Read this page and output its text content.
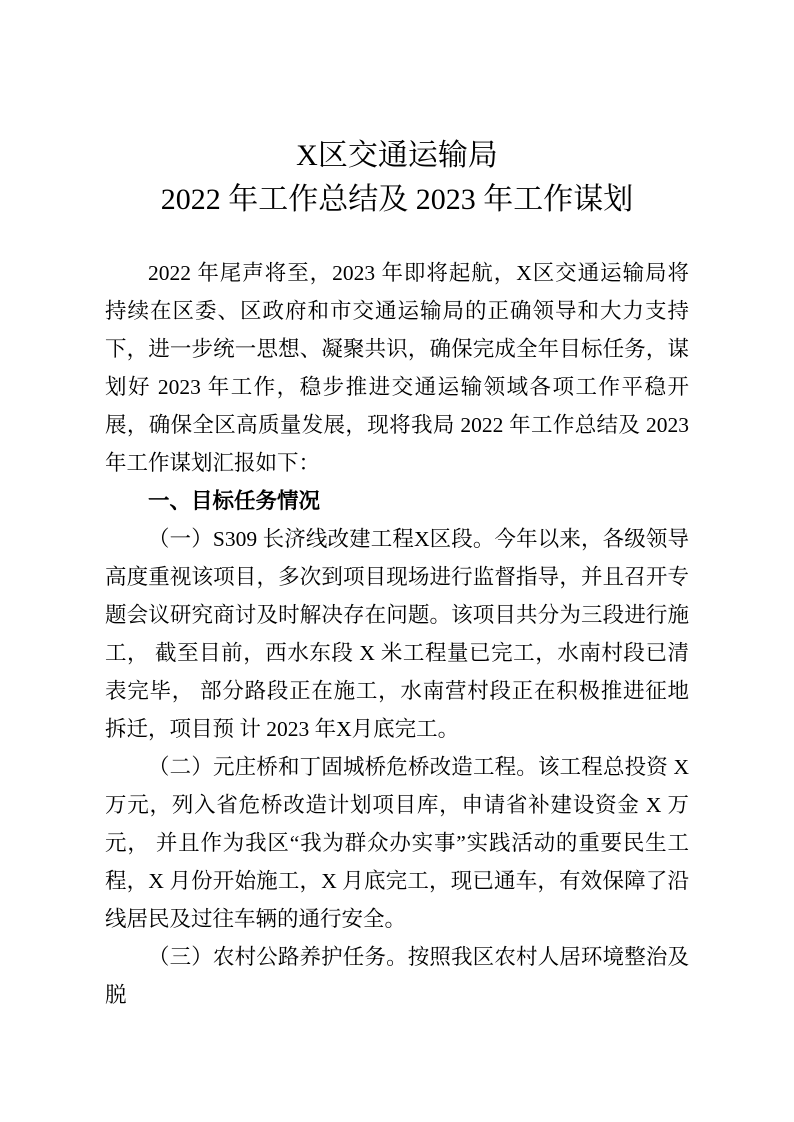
X区交通运输局
2022 年工作总结及 2023 年工作谋划

2022 年尾声将至，2023 年即将起航，X区交通运输局将持续在区委、区政府和市交通运输局的正确领导和大力支持下，进一步统一思想、凝聚共识，确保完成全年目标任务，谋划好 2023 年工作，稳步推进交通运输领域各项工作平稳开展，确保全区高质量发展，现将我局 2022 年工作总结及 2023 年工作谋划汇报如下：

一、目标任务情况

（一）S309 长济线改建工程X区段。今年以来，各级领导高度重视该项目，多次到项目现场进行监督指导，并且召开专 题会议研究商讨及时解决存在问题。该项目共分为三段进行施工， 截至目前，西水东段 X 米工程量已完工，水南村段已清表完毕， 部分路段正在施工，水南营村段正在积极推进征地拆迁，项目预 计 2023 年X月底完工。

（二）元庄桥和丁固城桥危桥改造工程。该工程总投资 X 万元，列入省危桥改造计划项目库，申请省补建设资金 X 万元， 并且作为我区“我为群众办实事”实践活动的重要民生工程，X 月份开始施工，X 月底完工，现已通车，有效保障了沿线居民及过往车辆的通行安全。

（三）农村公路养护任务。按照我区农村人居环境整治及脱
